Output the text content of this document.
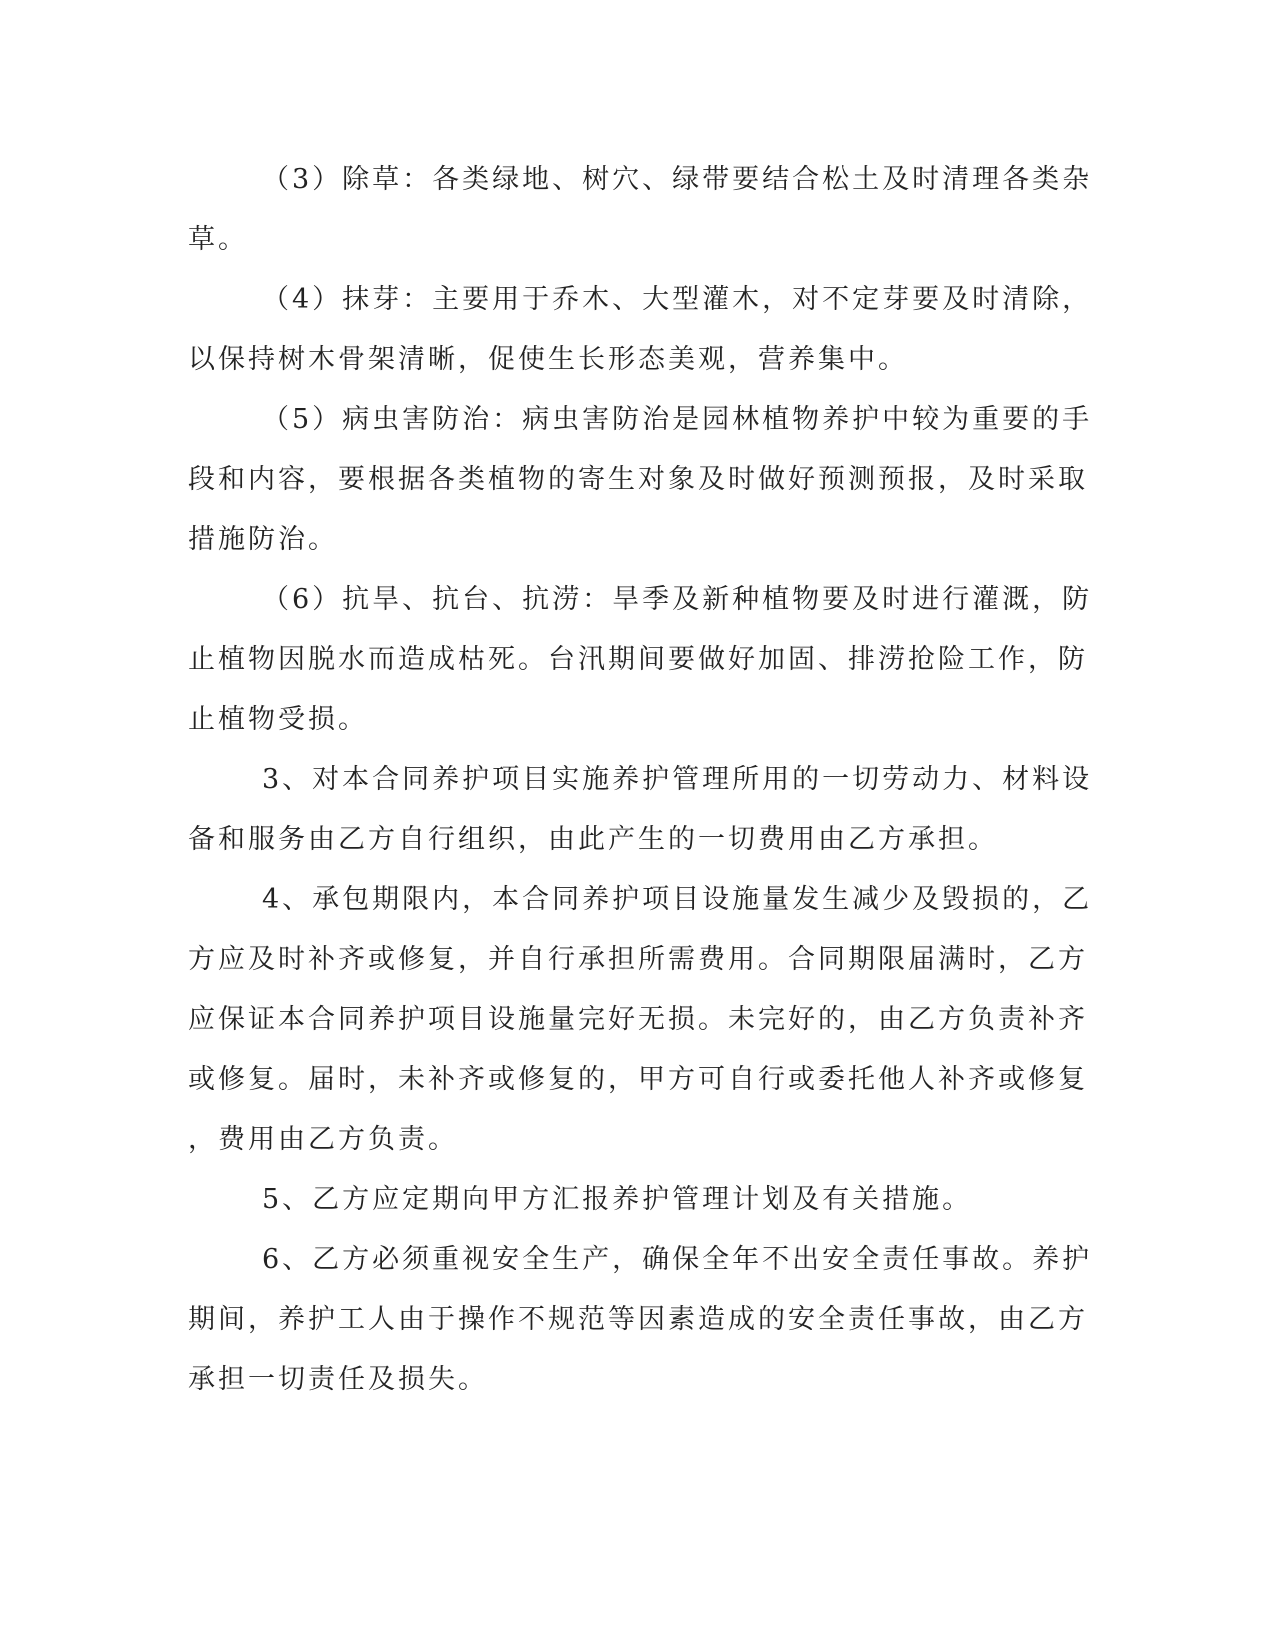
（3）除草：各类绿地、树穴、绿带要结合松土及时清理各类杂
草。
（4）抹芽：主要用于乔木、大型灌木，对不定芽要及时清除，
以保持树木骨架清晰，促使生长形态美观，营养集中。
（5）病虫害防治：病虫害防治是园林植物养护中较为重要的手
段和内容，要根据各类植物的寄生对象及时做好预测预报，及时采取
措施防治。
（6）抗旱、抗台、抗涝：旱季及新种植物要及时进行灌溉，防
止植物因脱水而造成枯死。台汛期间要做好加固、排涝抢险工作，防
止植物受损。
3、对本合同养护项目实施养护管理所用的一切劳动力、材料设
备和服务由乙方自行组织，由此产生的一切费用由乙方承担。
4、承包期限内，本合同养护项目设施量发生减少及毁损的，乙
方应及时补齐或修复，并自行承担所需费用。合同期限届满时，乙方
应保证本合同养护项目设施量完好无损。未完好的，由乙方负责补齐
或修复。届时，未补齐或修复的，甲方可自行或委托他人补齐或修复
，费用由乙方负责。
5、乙方应定期向甲方汇报养护管理计划及有关措施。
6、乙方必须重视安全生产，确保全年不出安全责任事故。养护
期间，养护工人由于操作不规范等因素造成的安全责任事故，由乙方
承担一切责任及损失。
